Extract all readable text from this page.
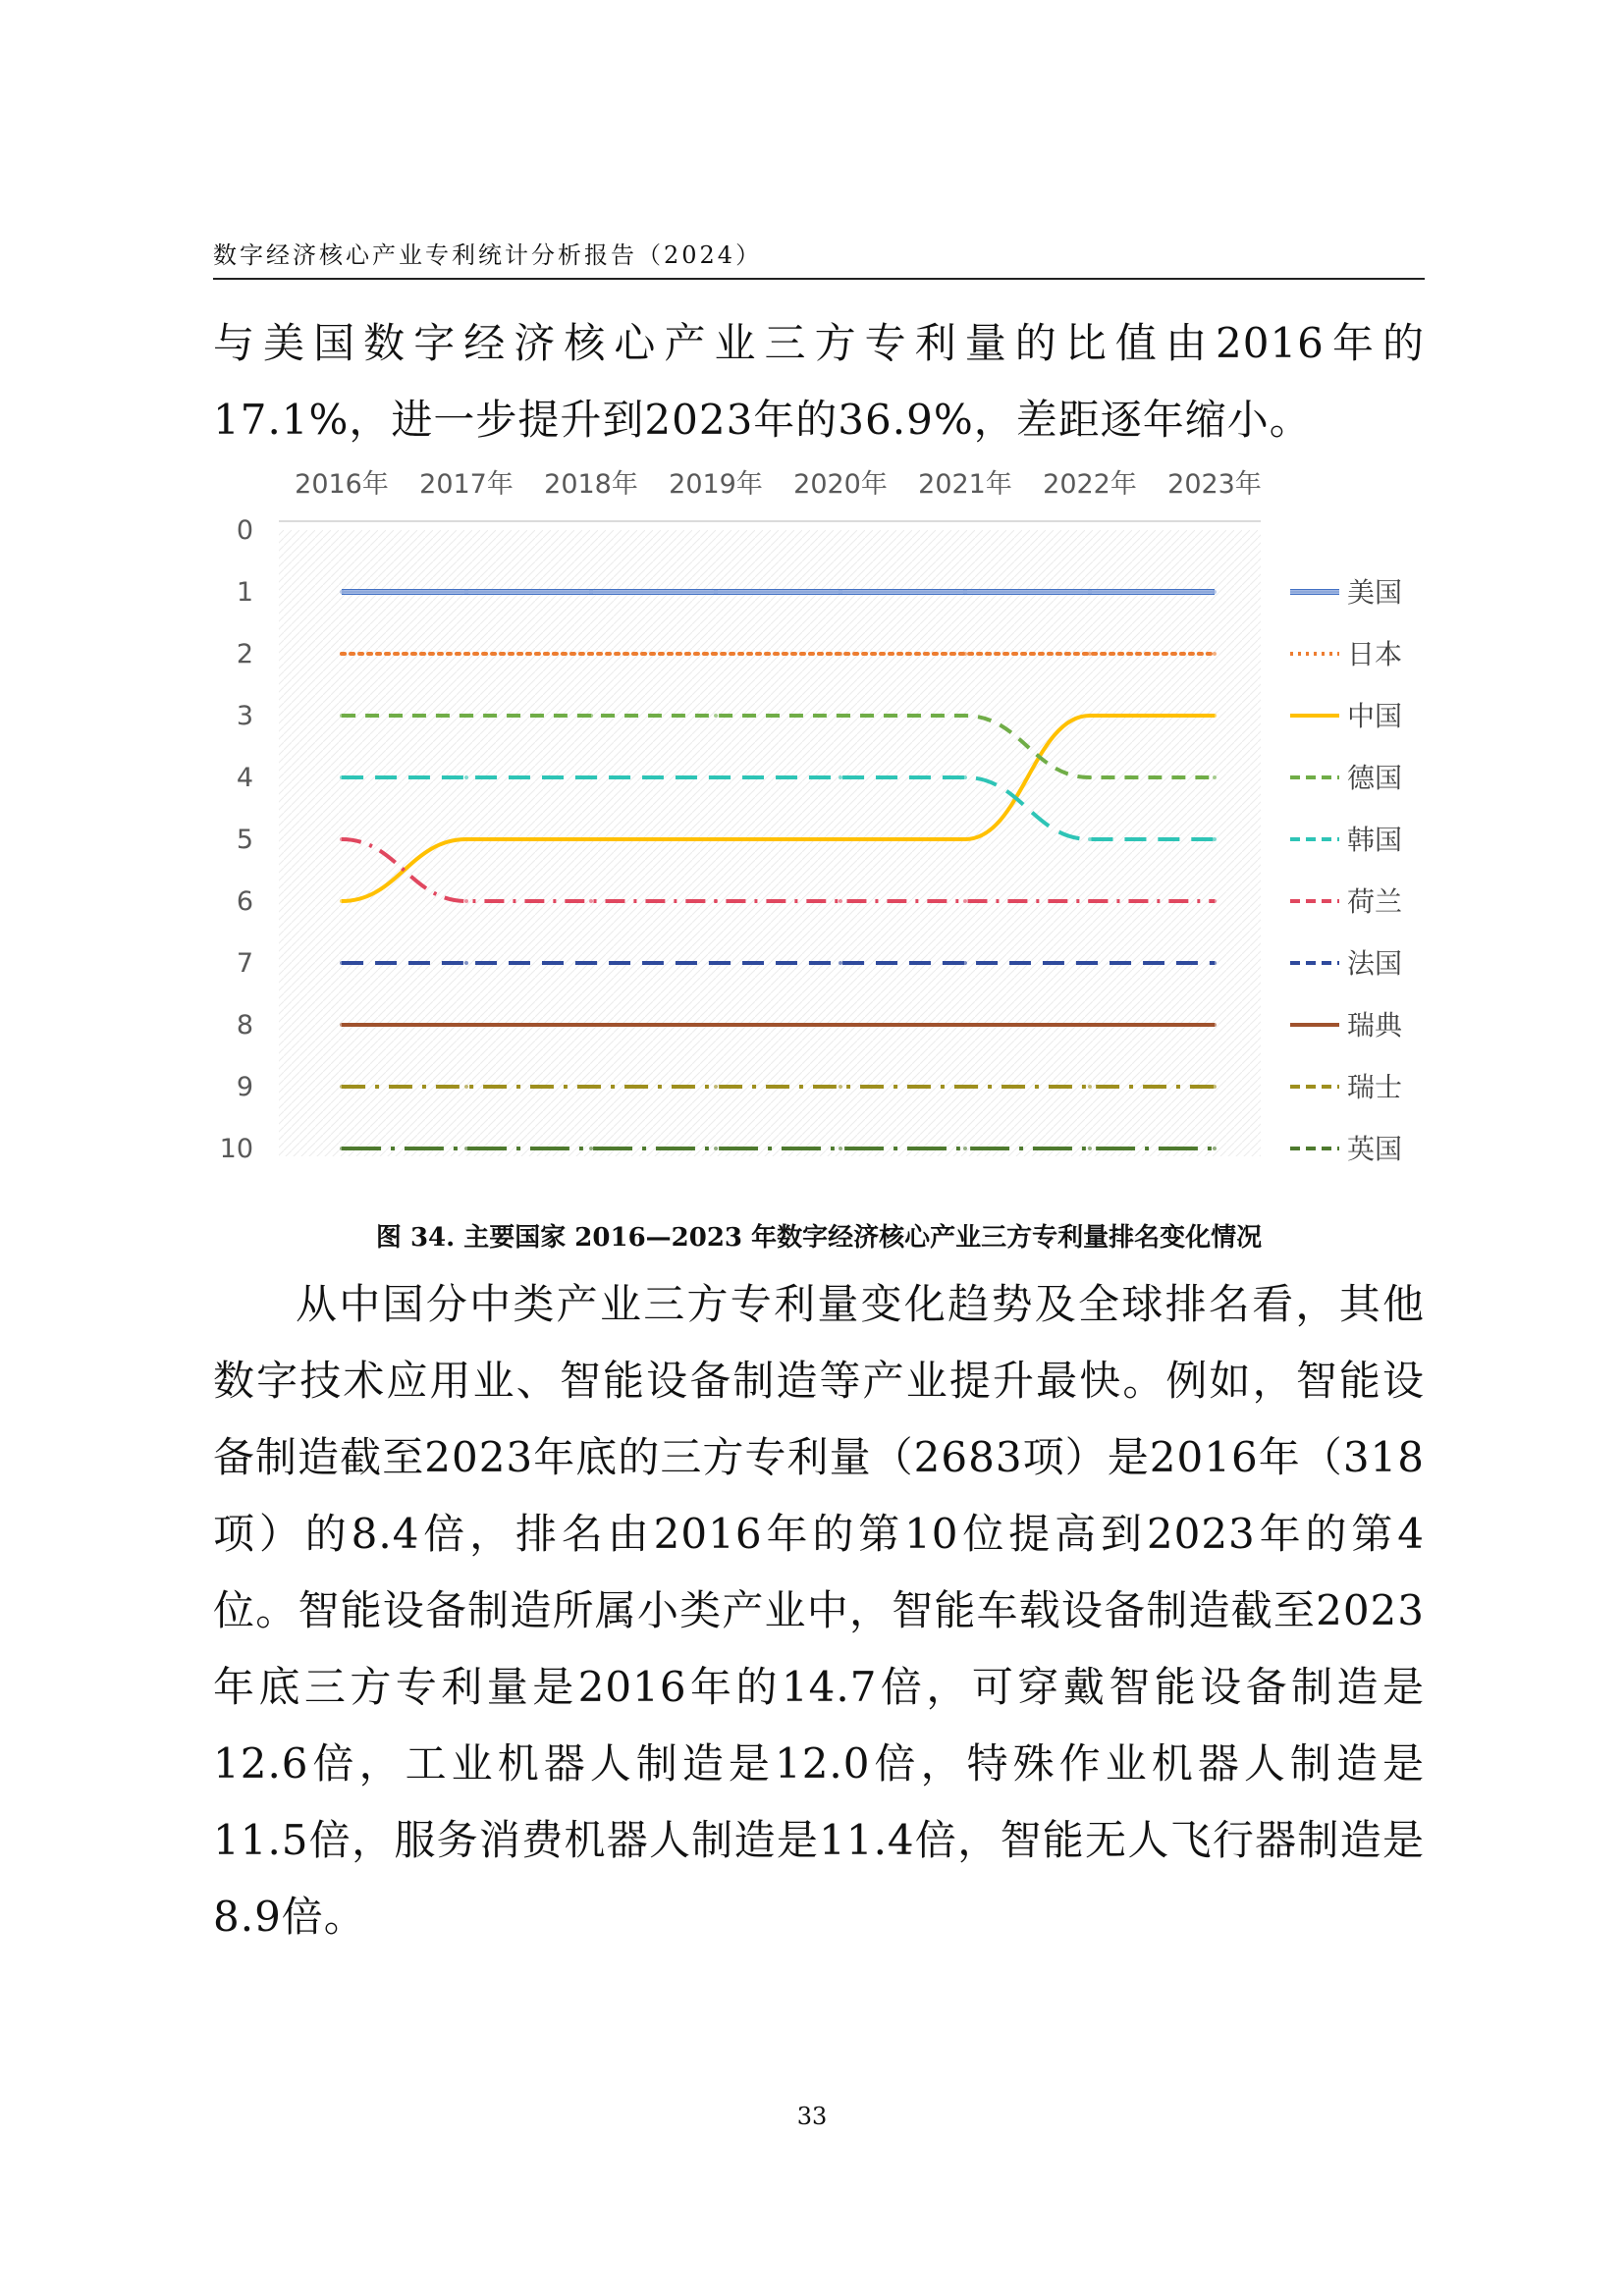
数字经济核心产业专利统计分析报告（2024）

与美国数字经济核心产业三方专利量的比值由2016年的17.1%，进一步提升到2023年的36.9%，差距逐年缩小。

2016年 2017年 2018年 2019年 2020年 2021年 2022年 2023年
0
1
2
3
4
5
6
7
8
9
10
美国
日本
中国
德国
韩国
荷兰
法国
瑞典
瑞士
英国
图 34. 主要国家 2016—2023 年数字经济核心产业三方专利量排名变化情况

从中国分中类产业三方专利量变化趋势及全球排名看，其他数字技术应用业、智能设备制造等产业提升最快。例如，智能设备制造截至2023年底的三方专利量（2683项）是2016年（318项）的8.4倍，排名由2016年的第10位提高到2023年的第4位。智能设备制造所属小类产业中，智能车载设备制造截至2023年底三方专利量是2016年的14.7倍，可穿戴智能设备制造是12.6倍，工业机器人制造是12.0倍，特殊作业机器人制造是11.5倍，服务消费机器人制造是11.4倍，智能无人飞行器制造是8.9倍。

33
